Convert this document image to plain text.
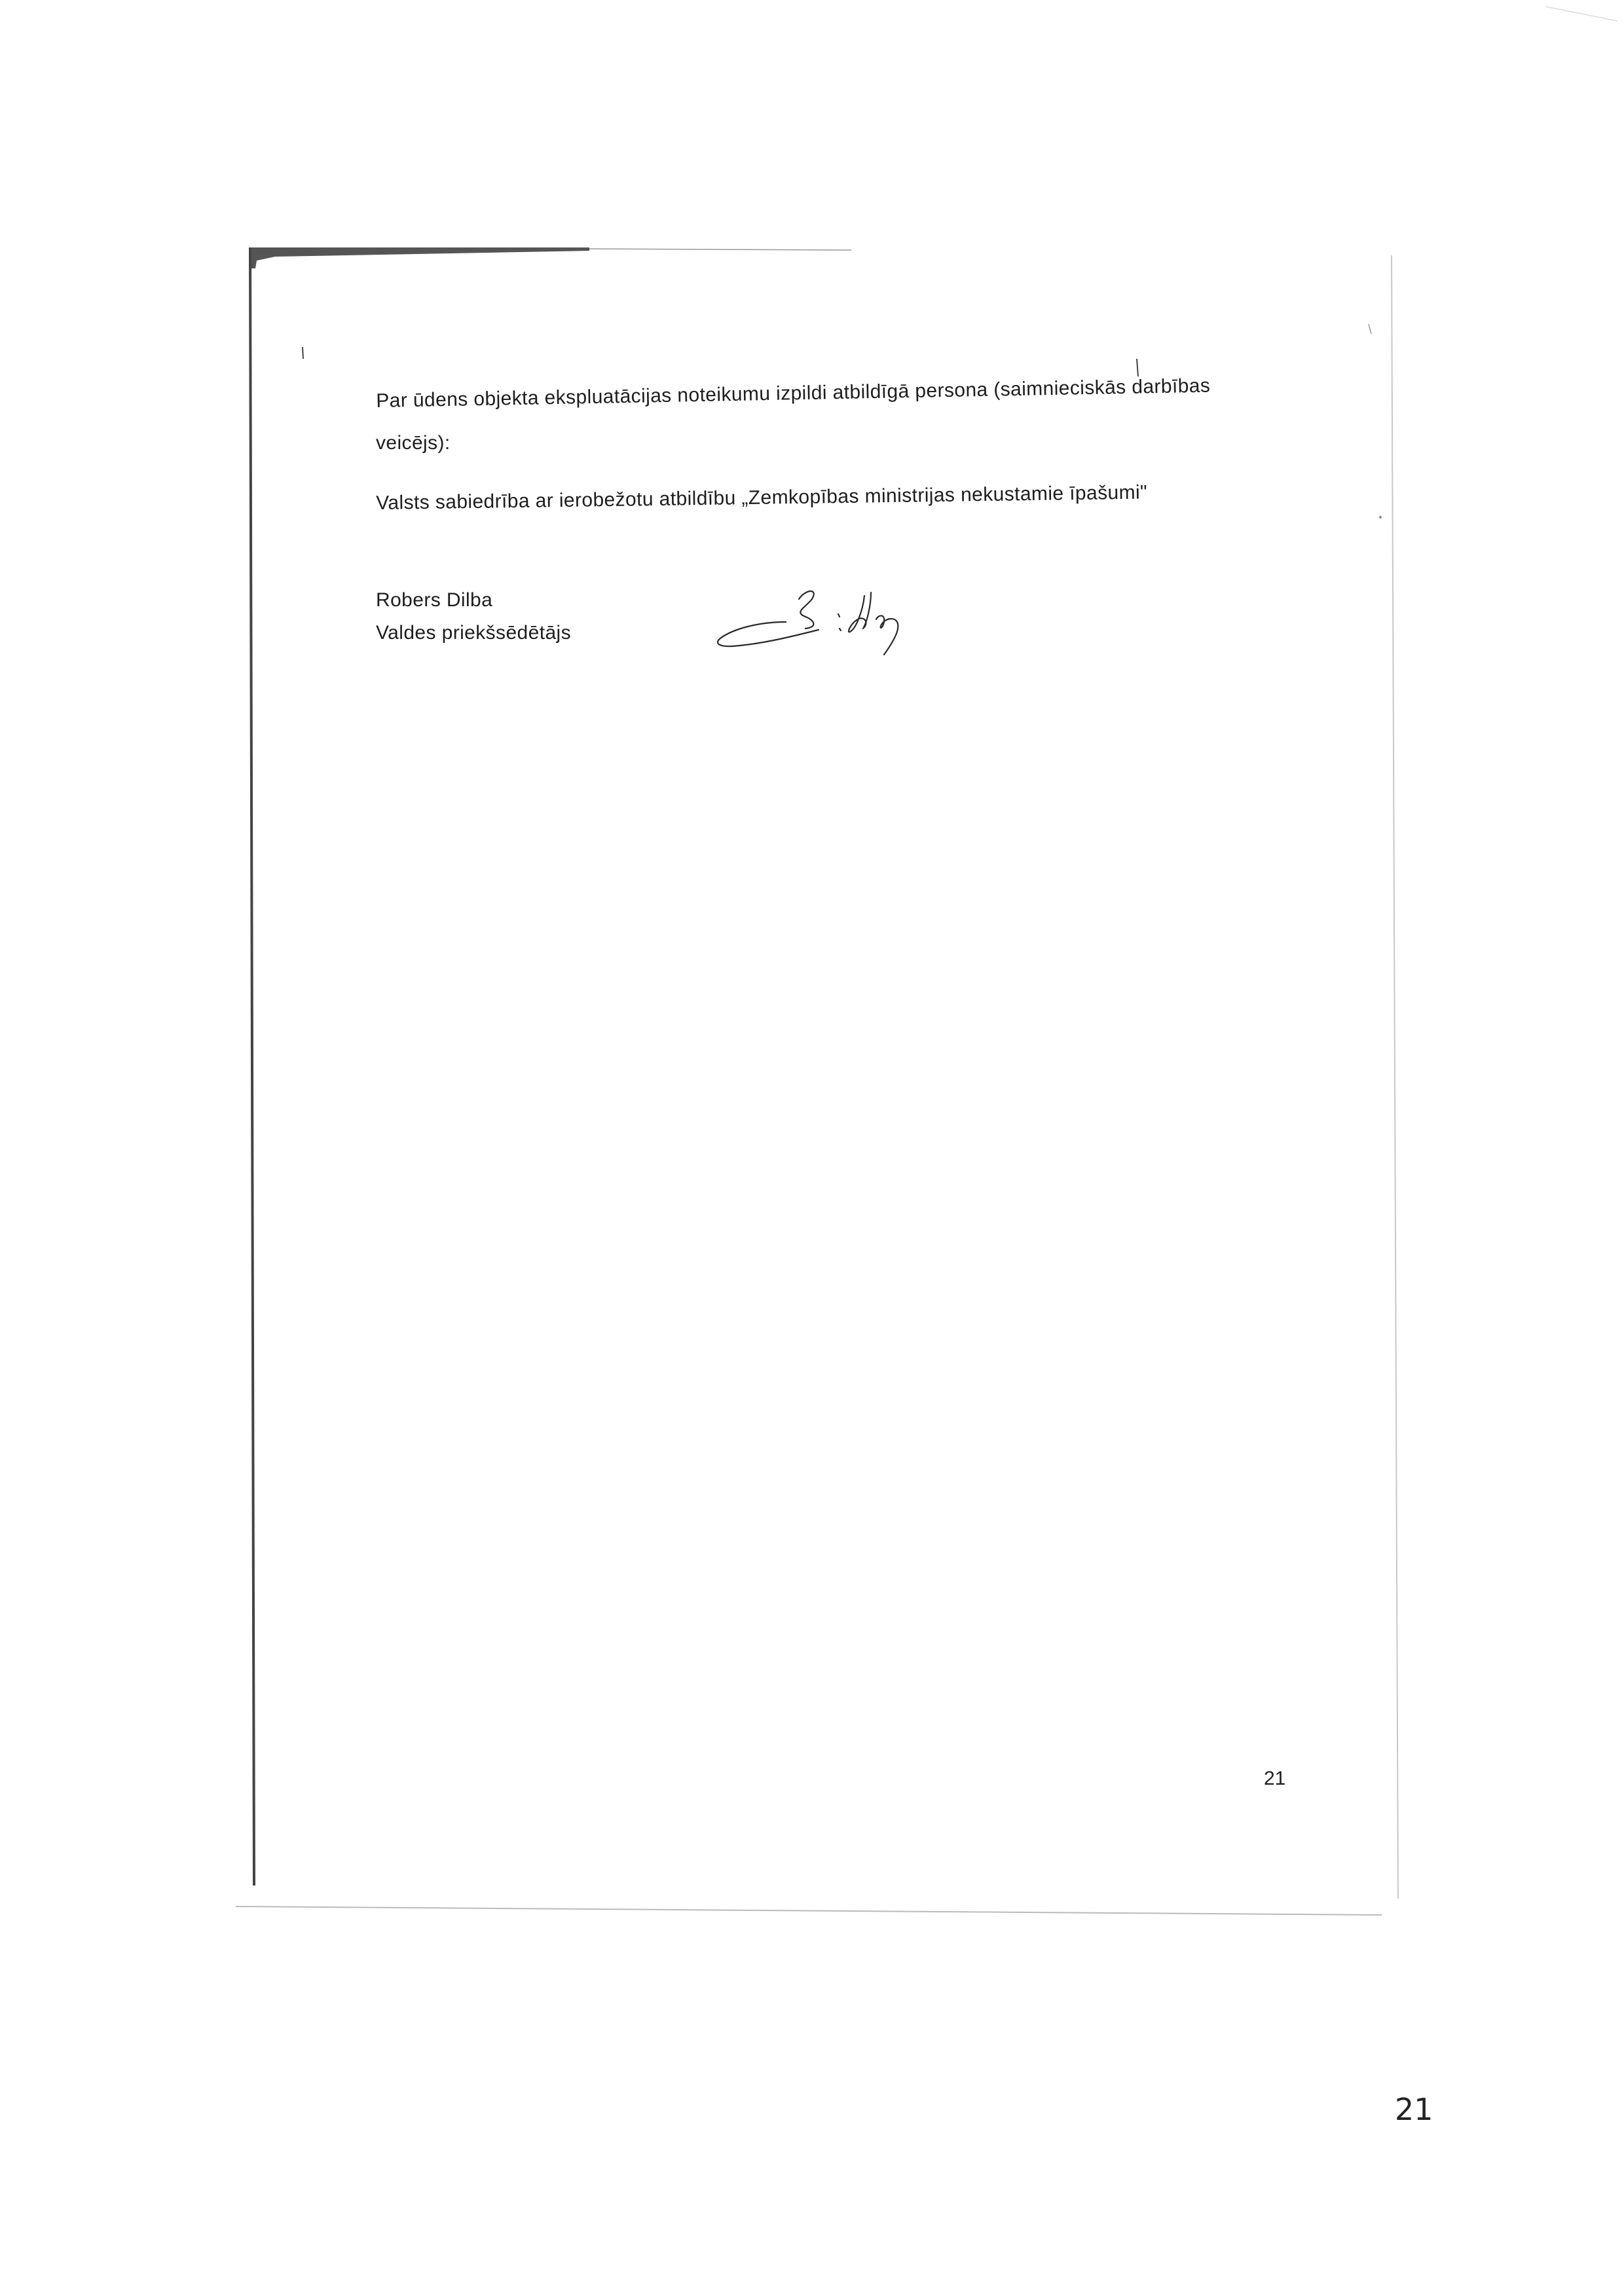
Par ūdens objekta ekspluatācijas noteikumu izpildi atbildīgā persona (saimnieciskās darbības
veicējs):
Valsts sabiedrība ar ierobežotu atbildību „Zemkopības ministrijas nekustamie īpašumi"
Robers Dilba
Valdes priekšsēdētājs
21
21
